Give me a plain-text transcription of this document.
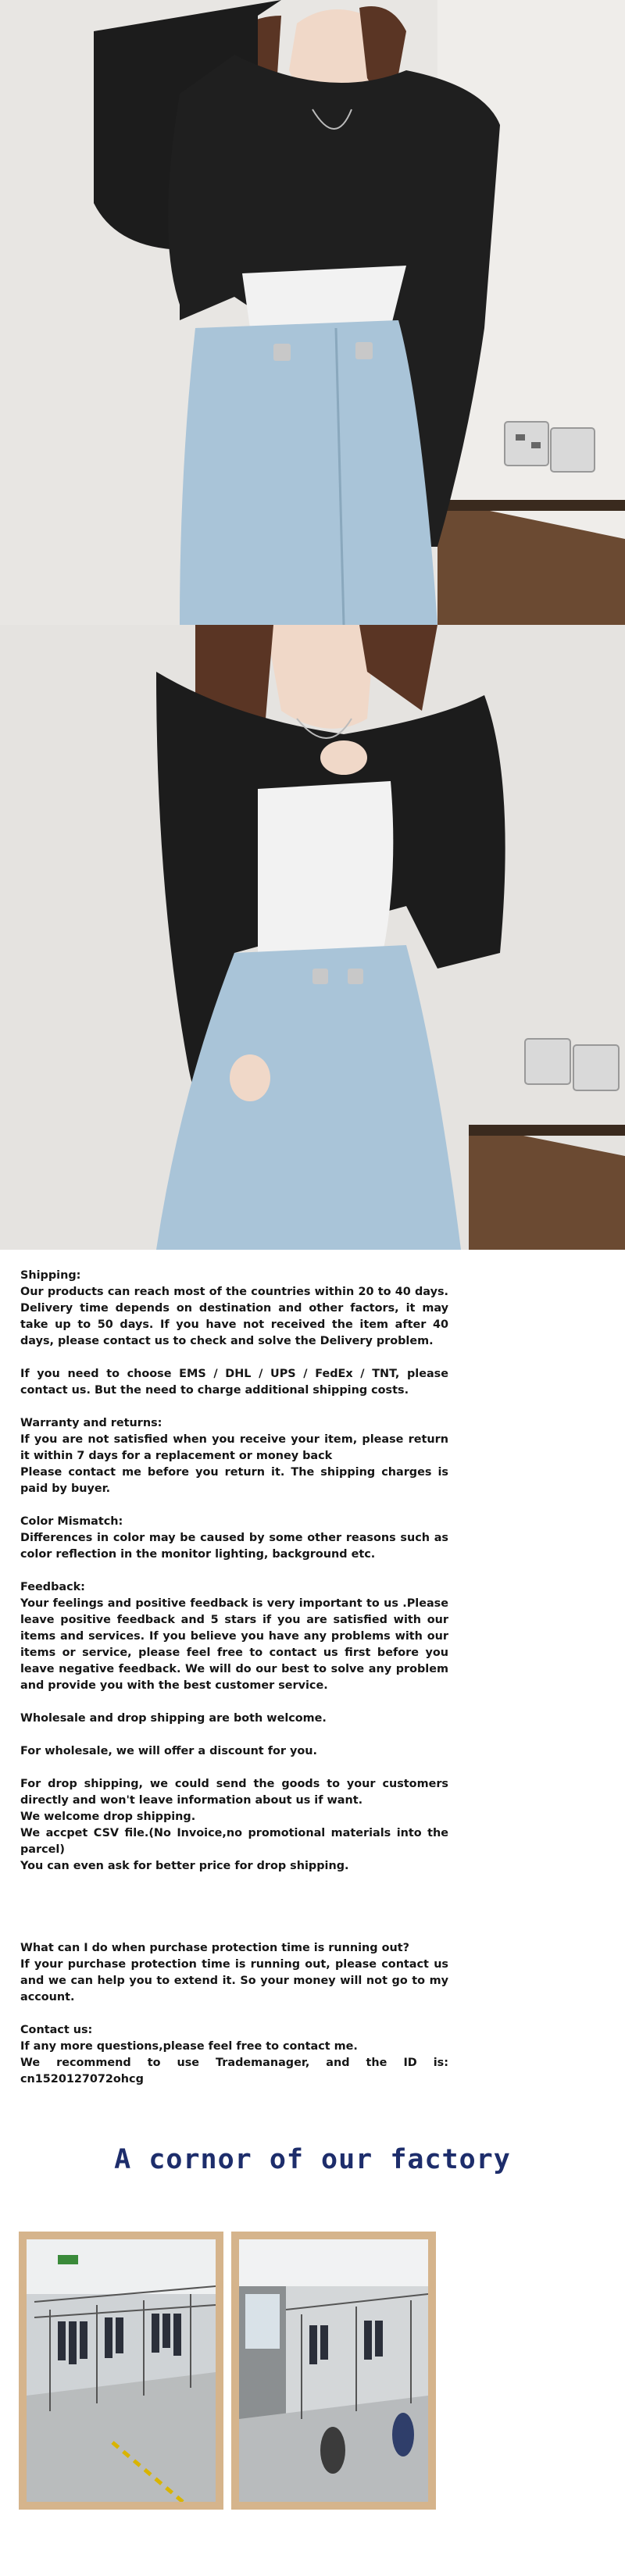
Shipping:

Our products can reach most of the countries within 20 to 40 days. Delivery time depends on destination and other factors, it may take up to 50 days. If you have not received the item after 40 days, please contact us to check and solve the Delivery problem.

If you need to choose EMS / DHL / UPS / FedEx / TNT, please contact us. But the need to charge additional shipping costs.

Warranty and returns:

If you are not satisfied when you receive your item, please return it within 7 days for a replacement or money back

Please contact me before you return it. The shipping charges is paid by buyer.

Color Mismatch:

Differences in color may be caused by some other reasons such as color reflection in the monitor lighting, background etc.

Feedback:

Your feelings and positive feedback is very important to us .Please leave positive feedback and 5 stars if you are satisfied with our items and services. If you believe you have any problems with our items or service, please feel free to contact us first before you leave negative feedback. We will do our best to solve any problem and provide you with the best customer service.

Wholesale and drop shipping are both welcome.

For wholesale, we will offer a discount for you.

For drop shipping, we could send the goods to your customers directly and won't leave information about us if want.

We welcome drop shipping.

We accpet CSV file.(No Invoice,no promotional materials into the parcel)

You can even ask for better price for drop shipping.

What can I do when purchase protection time is running out?

If your purchase protection time is running out, please contact us and we can help you to extend it. So your money will not go to my account.

Contact us:

If any more questions,please feel free to contact me.

We recommend to use Trademanager, and the ID is: cn1520127072ohcg

A cornor of our factory
